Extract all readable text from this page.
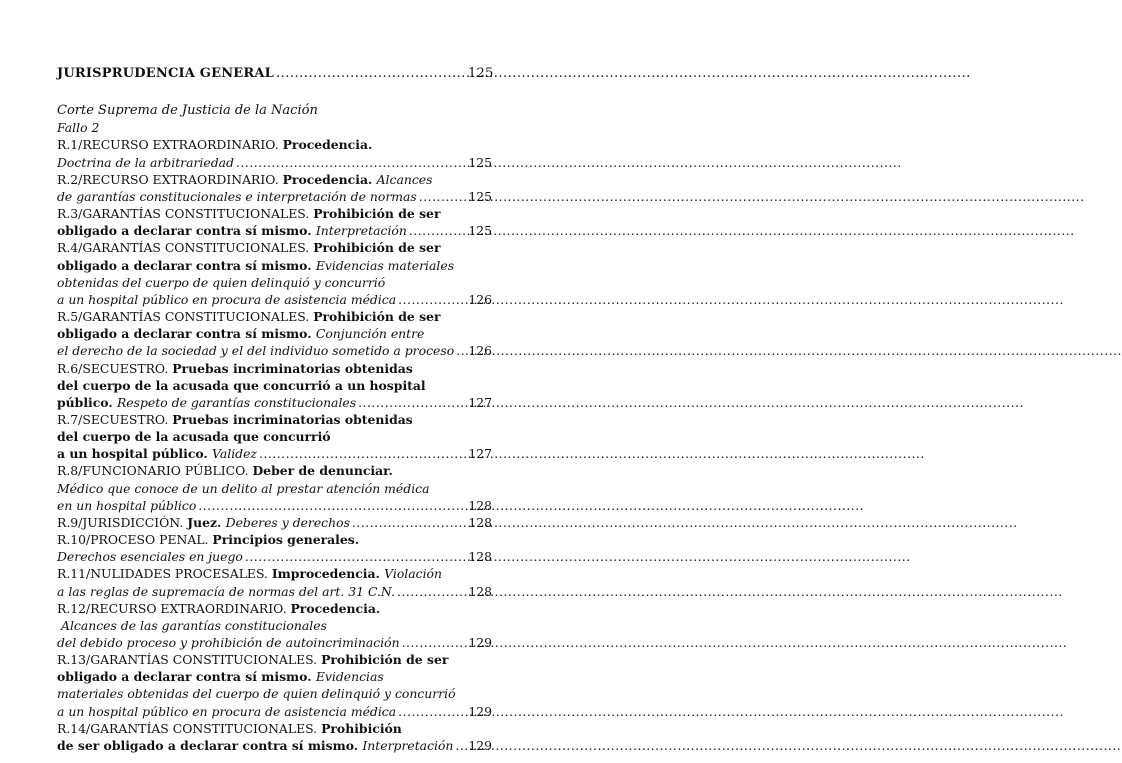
JURISPRUDENCIA GENERAL .....	125
Corte Suprema de Justicia de la Nación
Fallo 2
R.1/RECURSO EXTRAORDINARIO. Procedencia.
Doctrina de la arbitrariedad .....	125
R.2/RECURSO EXTRAORDINARIO. Procedencia. Alcances
de garantías constitucionales e interpretación de normas .....	125
R.3/GARANTÍAS CONSTITUCIONALES. Prohibición de ser
obligado a declarar contra sí mismo. Interpretación .....	125
R.4/GARANTÍAS CONSTITUCIONALES. Prohibición de ser
obligado a declarar contra sí mismo. Evidencias materiales
obtenidas del cuerpo de quien delinquió y concurrió
a un hospital público en procura de asistencia médica .....	126
R.5/GARANTÍAS CONSTITUCIONALES. Prohibición de ser
obligado a declarar contra sí mismo. Conjunción entre
el derecho de la sociedad y el del individuo sometido a proceso ..... 126
R.6/SECUESTRO. Pruebas incriminatorias obtenidas
del cuerpo de la acusada que concurrió a un hospital
público. Respeto de garantías constitucionales .....	127
R.7/SECUESTRO. Pruebas incriminatorias obtenidas
del cuerpo de la acusada que concurrió
a un hospital público. Validez .....	127
R.8/FUNCIONARIO PÚBLICO. Deber de denunciar.
Médico que conoce de un delito al prestar atención médica
en un hospital público .....	128
R.9/JURISDICCIÓN. Juez. Deberes y derechos .....	128
R.10/PROCESO PENAL. Principios generales.
Derechos esenciales en juego .....	128
R.11/NULIDADES PROCESALES. Improcedencia. Violación
a las reglas de supremacía de normas del art. 31 C.N. .....	128
R.12/RECURSO EXTRAORDINARIO. Procedencia.
Alcances de las garantías constitucionales
del debido proceso y prohibición de autoincriminación .....	129
R.13/GARANTÍAS CONSTITUCIONALES. Prohibición de ser
obligado a declarar contra sí mismo. Evidencias
materiales obtenidas del cuerpo de quien delinquió y concurrió
a un hospital público en procura de asistencia médica .....	129
R.14/GARANTÍAS CONSTITUCIONALES. Prohibición
de ser obligado a declarar contra sí mismo. Interpretación ..... 129
